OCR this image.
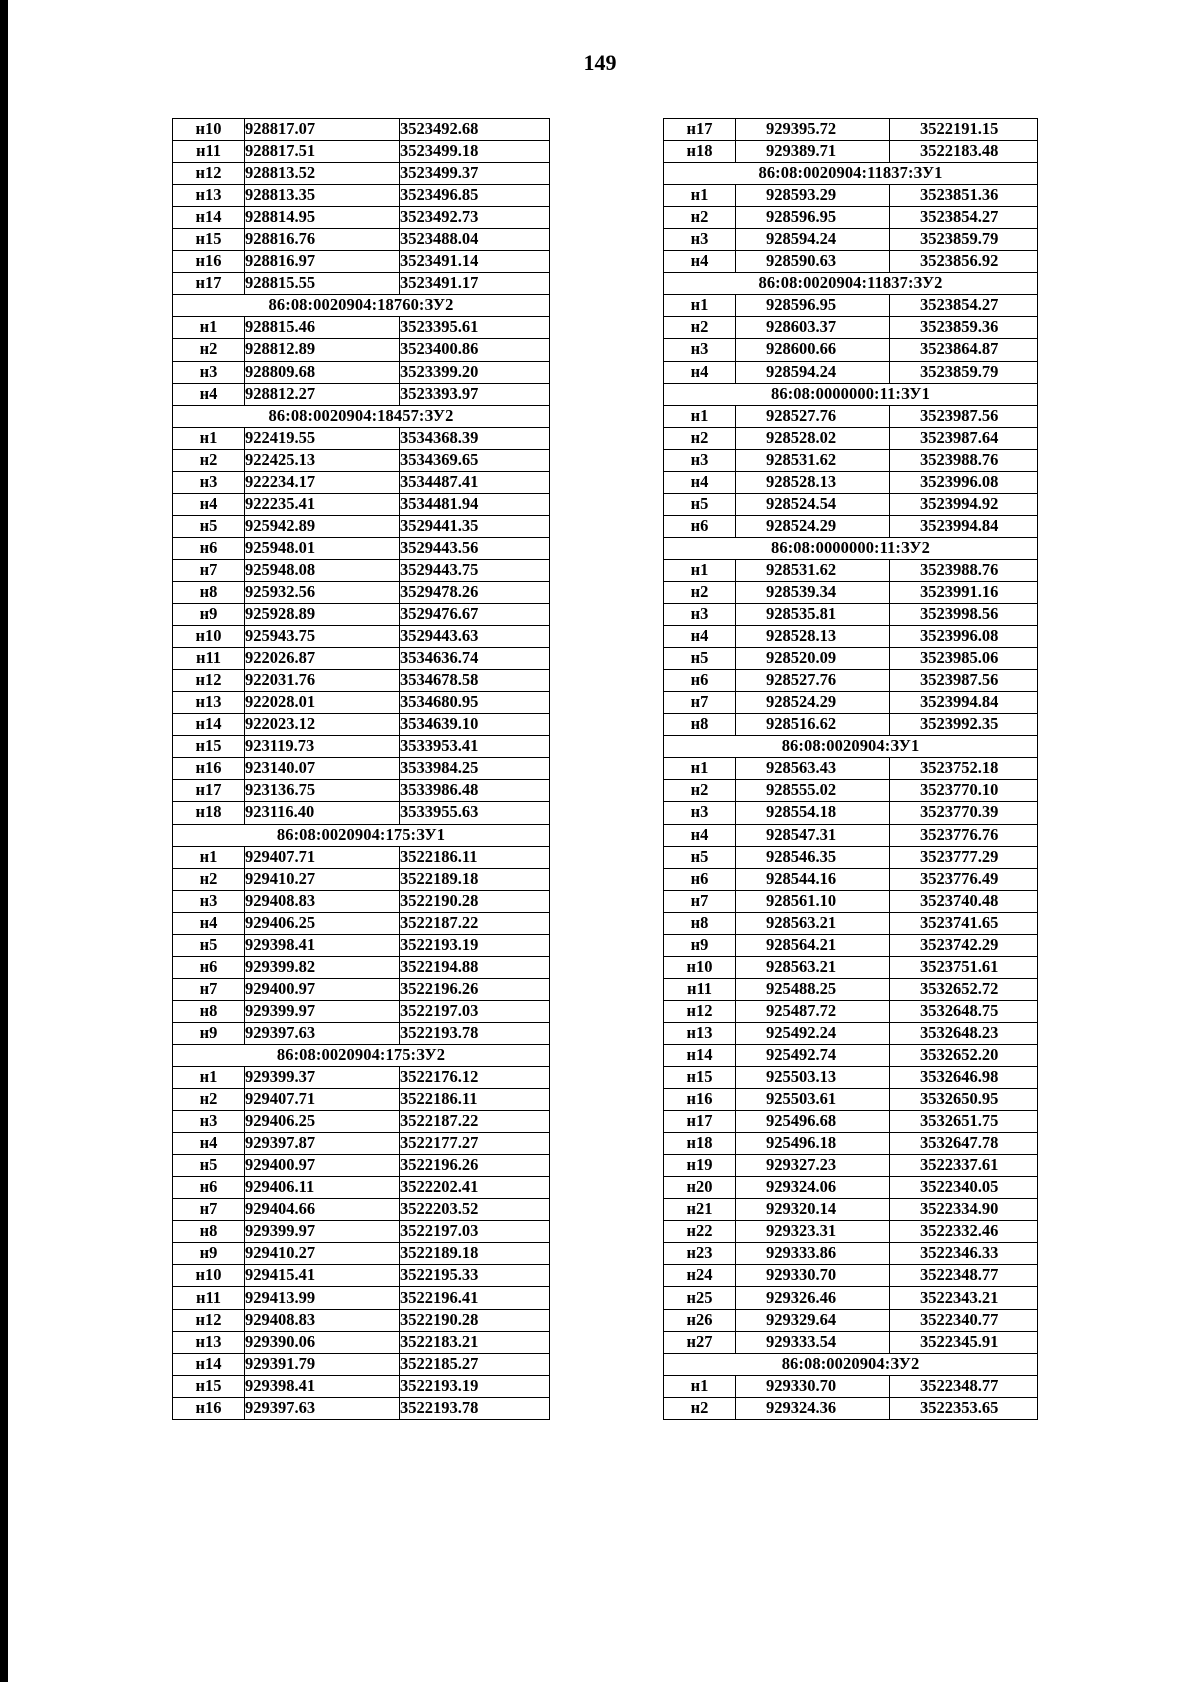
149
н10	928817.07	3523492.68
н11	928817.51	3523499.18
н12	928813.52	3523499.37
н13	928813.35	3523496.85
н14	928814.95	3523492.73
н15	928816.76	3523488.04
н16	928816.97	3523491.14
н17	928815.55	3523491.17
86:08:0020904:18760:ЗУ2		
н1	928815.46	3523395.61
н2	928812.89	3523400.86
н3	928809.68	3523399.20
н4	928812.27	3523393.97
86:08:0020904:18457:ЗУ2		
н1	922419.55	3534368.39
н2	922425.13	3534369.65
н3	922234.17	3534487.41
н4	922235.41	3534481.94
н5	925942.89	3529441.35
н6	925948.01	3529443.56
н7	925948.08	3529443.75
н8	925932.56	3529478.26
н9	925928.89	3529476.67
н10	925943.75	3529443.63
н11	922026.87	3534636.74
н12	922031.76	3534678.58
н13	922028.01	3534680.95
н14	922023.12	3534639.10
н15	923119.73	3533953.41
н16	923140.07	3533984.25
н17	923136.75	3533986.48
н18	923116.40	3533955.63
86:08:0020904:175:ЗУ1		
н1	929407.71	3522186.11
н2	929410.27	3522189.18
н3	929408.83	3522190.28
н4	929406.25	3522187.22
н5	929398.41	3522193.19
н6	929399.82	3522194.88
н7	929400.97	3522196.26
н8	929399.97	3522197.03
н9	929397.63	3522193.78
86:08:0020904:175:ЗУ2		
н1	929399.37	3522176.12
н2	929407.71	3522186.11
н3	929406.25	3522187.22
н4	929397.87	3522177.27
н5	929400.97	3522196.26
н6	929406.11	3522202.41
н7	929404.66	3522203.52
н8	929399.97	3522197.03
н9	929410.27	3522189.18
н10	929415.41	3522195.33
н11	929413.99	3522196.41
н12	929408.83	3522190.28
н13	929390.06	3522183.21
н14	929391.79	3522185.27
н15	929398.41	3522193.19
н16	929397.63	3522193.78
н17	929395.72	3522191.15
н18	929389.71	3522183.48
86:08:0020904:11837:ЗУ1		
н1	928593.29	3523851.36
н2	928596.95	3523854.27
н3	928594.24	3523859.79
н4	928590.63	3523856.92
86:08:0020904:11837:ЗУ2		
н1	928596.95	3523854.27
н2	928603.37	3523859.36
н3	928600.66	3523864.87
н4	928594.24	3523859.79
86:08:0000000:11:ЗУ1		
н1	928527.76	3523987.56
н2	928528.02	3523987.64
н3	928531.62	3523988.76
н4	928528.13	3523996.08
н5	928524.54	3523994.92
н6	928524.29	3523994.84
86:08:0000000:11:ЗУ2		
н1	928531.62	3523988.76
н2	928539.34	3523991.16
н3	928535.81	3523998.56
н4	928528.13	3523996.08
н5	928520.09	3523985.06
н6	928527.76	3523987.56
н7	928524.29	3523994.84
н8	928516.62	3523992.35
86:08:0020904:ЗУ1		
н1	928563.43	3523752.18
н2	928555.02	3523770.10
н3	928554.18	3523770.39
н4	928547.31	3523776.76
н5	928546.35	3523777.29
н6	928544.16	3523776.49
н7	928561.10	3523740.48
н8	928563.21	3523741.65
н9	928564.21	3523742.29
н10	928563.21	3523751.61
н11	925488.25	3532652.72
н12	925487.72	3532648.75
н13	925492.24	3532648.23
н14	925492.74	3532652.20
н15	925503.13	3532646.98
н16	925503.61	3532650.95
н17	925496.68	3532651.75
н18	925496.18	3532647.78
н19	929327.23	3522337.61
н20	929324.06	3522340.05
н21	929320.14	3522334.90
н22	929323.31	3522332.46
н23	929333.86	3522346.33
н24	929330.70	3522348.77
н25	929326.46	3522343.21
н26	929329.64	3522340.77
н27	929333.54	3522345.91
86:08:0020904:ЗУ2		
н1	929330.70	3522348.77
н2	929324.36	3522353.65
